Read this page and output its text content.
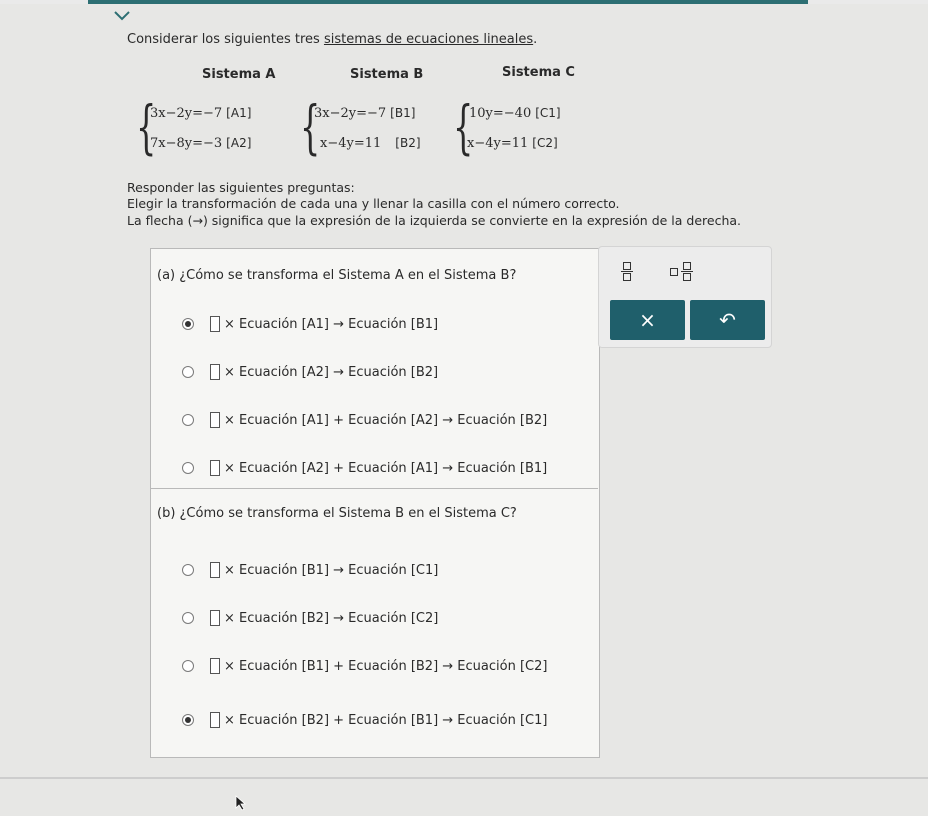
Considerar los siguientes tres sistemas de ecuaciones lineales.
Sistema A	Sistema B	Sistema C
{
3x−2y=−7 [A1]
7x−8y=−3 [A2] {
3x−2y=−7 [B1]
x−4y=11 [B2] {
10y=−40 [C1]
x−4y=11 [C2]
Responder las siguientes preguntas:
Elegir la transformación de cada una y llenar la casilla con el número correcto.
La flecha (→) significa que la expresión de la izquierda se convierte en la expresión de la derecha.
(a) ¿Cómo se transforma el Sistema A en el Sistema B?
× Ecuación [A1] → Ecuación [B1]
× Ecuación [A2] → Ecuación [B2]
× Ecuación [A1] + Ecuación [A2] → Ecuación [B2]
× Ecuación [A2] + Ecuación [A1] → Ecuación [B1]
(b) ¿Cómo se transforma el Sistema B en el Sistema C?
× Ecuación [B1] → Ecuación [C1]
× Ecuación [B2] → Ecuación [C2]
× Ecuación [B1] + Ecuación [B2] → Ecuación [C2]
× Ecuación [B2] + Ecuación [B1] → Ecuación [C1]
×	↶
